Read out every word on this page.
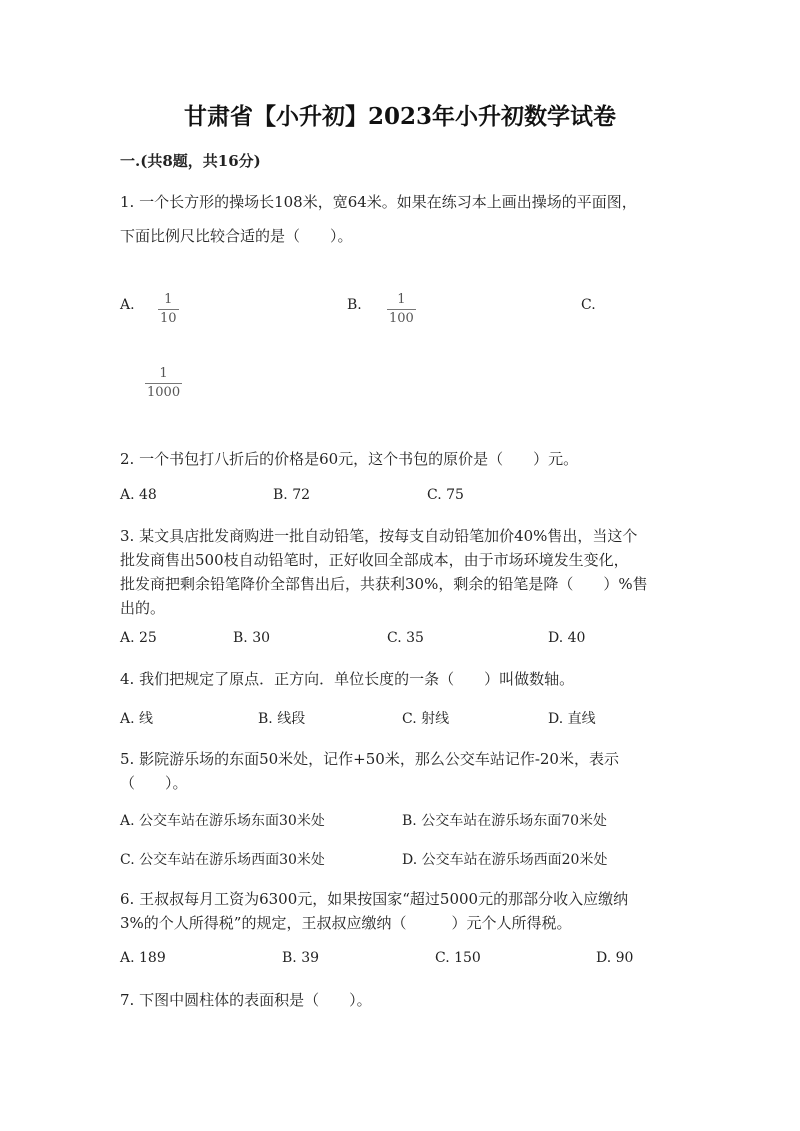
甘肃省【小升初】2023年小升初数学试卷
一.(共8题，共16分)
1. 一个长方形的操场长108米，宽64米。如果在练习本上画出操场的平面图，
下面比例尺比较合适的是（　　）。
A. $\frac{1}{10}$	B. $\frac{1}{100}$	C.
$\frac{1}{1000}$
2. 一个书包打八折后的价格是60元，这个书包的原价是（　　）元。
A. 48	B. 72	C. 75
3. 某文具店批发商购进一批自动铅笔，按每支自动铅笔加价40%售出，当这个
批发商售出500枝自动铅笔时，正好收回全部成本，由于市场环境发生变化，
批发商把剩余铅笔降价全部售出后，共获利30%，剩余的铅笔是降（　　）%售
出的。
A. 25	B. 30	C. 35	D. 40
4. 我们把规定了原点．正方向．单位长度的一条（　　）叫做数轴。
A. 线	B. 线段	C. 射线	D. 直线
5. 影院游乐场的东面50米处，记作+50米，那么公交车站记作-20米，表示
（　　）。
A. 公交车站在游乐场东面30米处	B. 公交车站在游乐场东面70米处
C. 公交车站在游乐场西面30米处	D. 公交车站在游乐场西面20米处
6. 王叔叔每月工资为6300元，如果按国家“超过5000元的那部分收入应缴纳
3%的个人所得税”的规定，王叔叔应缴纳（　　　）元个人所得税。
A. 189	B. 39	C. 150	D. 90
7. 下图中圆柱体的表面积是（　　）。
